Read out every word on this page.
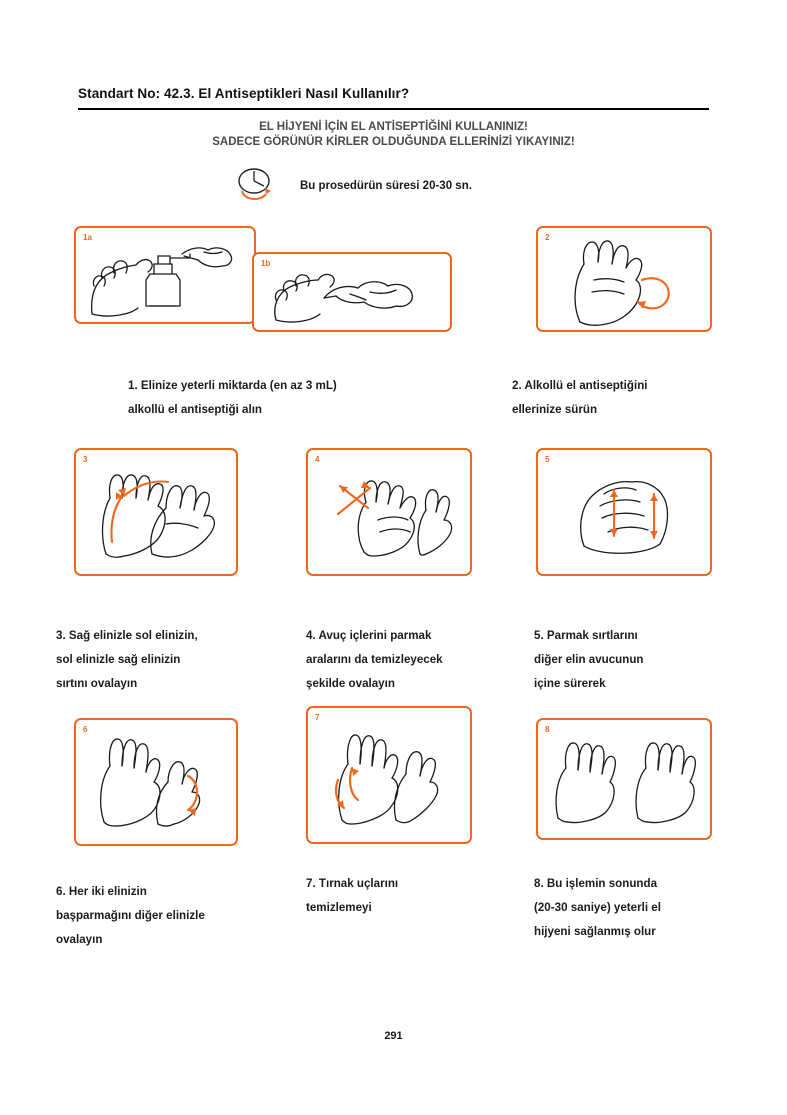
Standart No: 42.3. El Antiseptikleri Nasıl Kullanılır?
EL HİJYENİ İÇİN EL ANTİSEPTİĞİNİ KULLANINIZ!
SADECE GÖRÜNÜR KİRLER OLDUĞUNDA ELLERİNİZİ YIKAYINIZ!
Bu prosedürün süresi 20-30 sn.
1a
1b
2
1. Elinize yeterli miktarda (en az 3 mL)
alkollü el antiseptiği alın
2. Alkollü el antiseptiğini
ellerinize sürün
3	4	5
3. Sağ elinizle sol elinizin,
sol elinizle sağ elinizin
sırtını ovalayın
4. Avuç içlerini parmak
aralarını da temizleyecek
şekilde ovalayın
5. Parmak sırtlarını
diğer elin avucunun
içine sürerek
6
7
8
6. Her iki elinizin
başparmağını diğer elinizle
ovalayın
7. Tırnak uçlarını
temizlemeyi
8. Bu işlemin sonunda
(20-30 saniye) yeterli el
hijyeni sağlanmış olur
291
